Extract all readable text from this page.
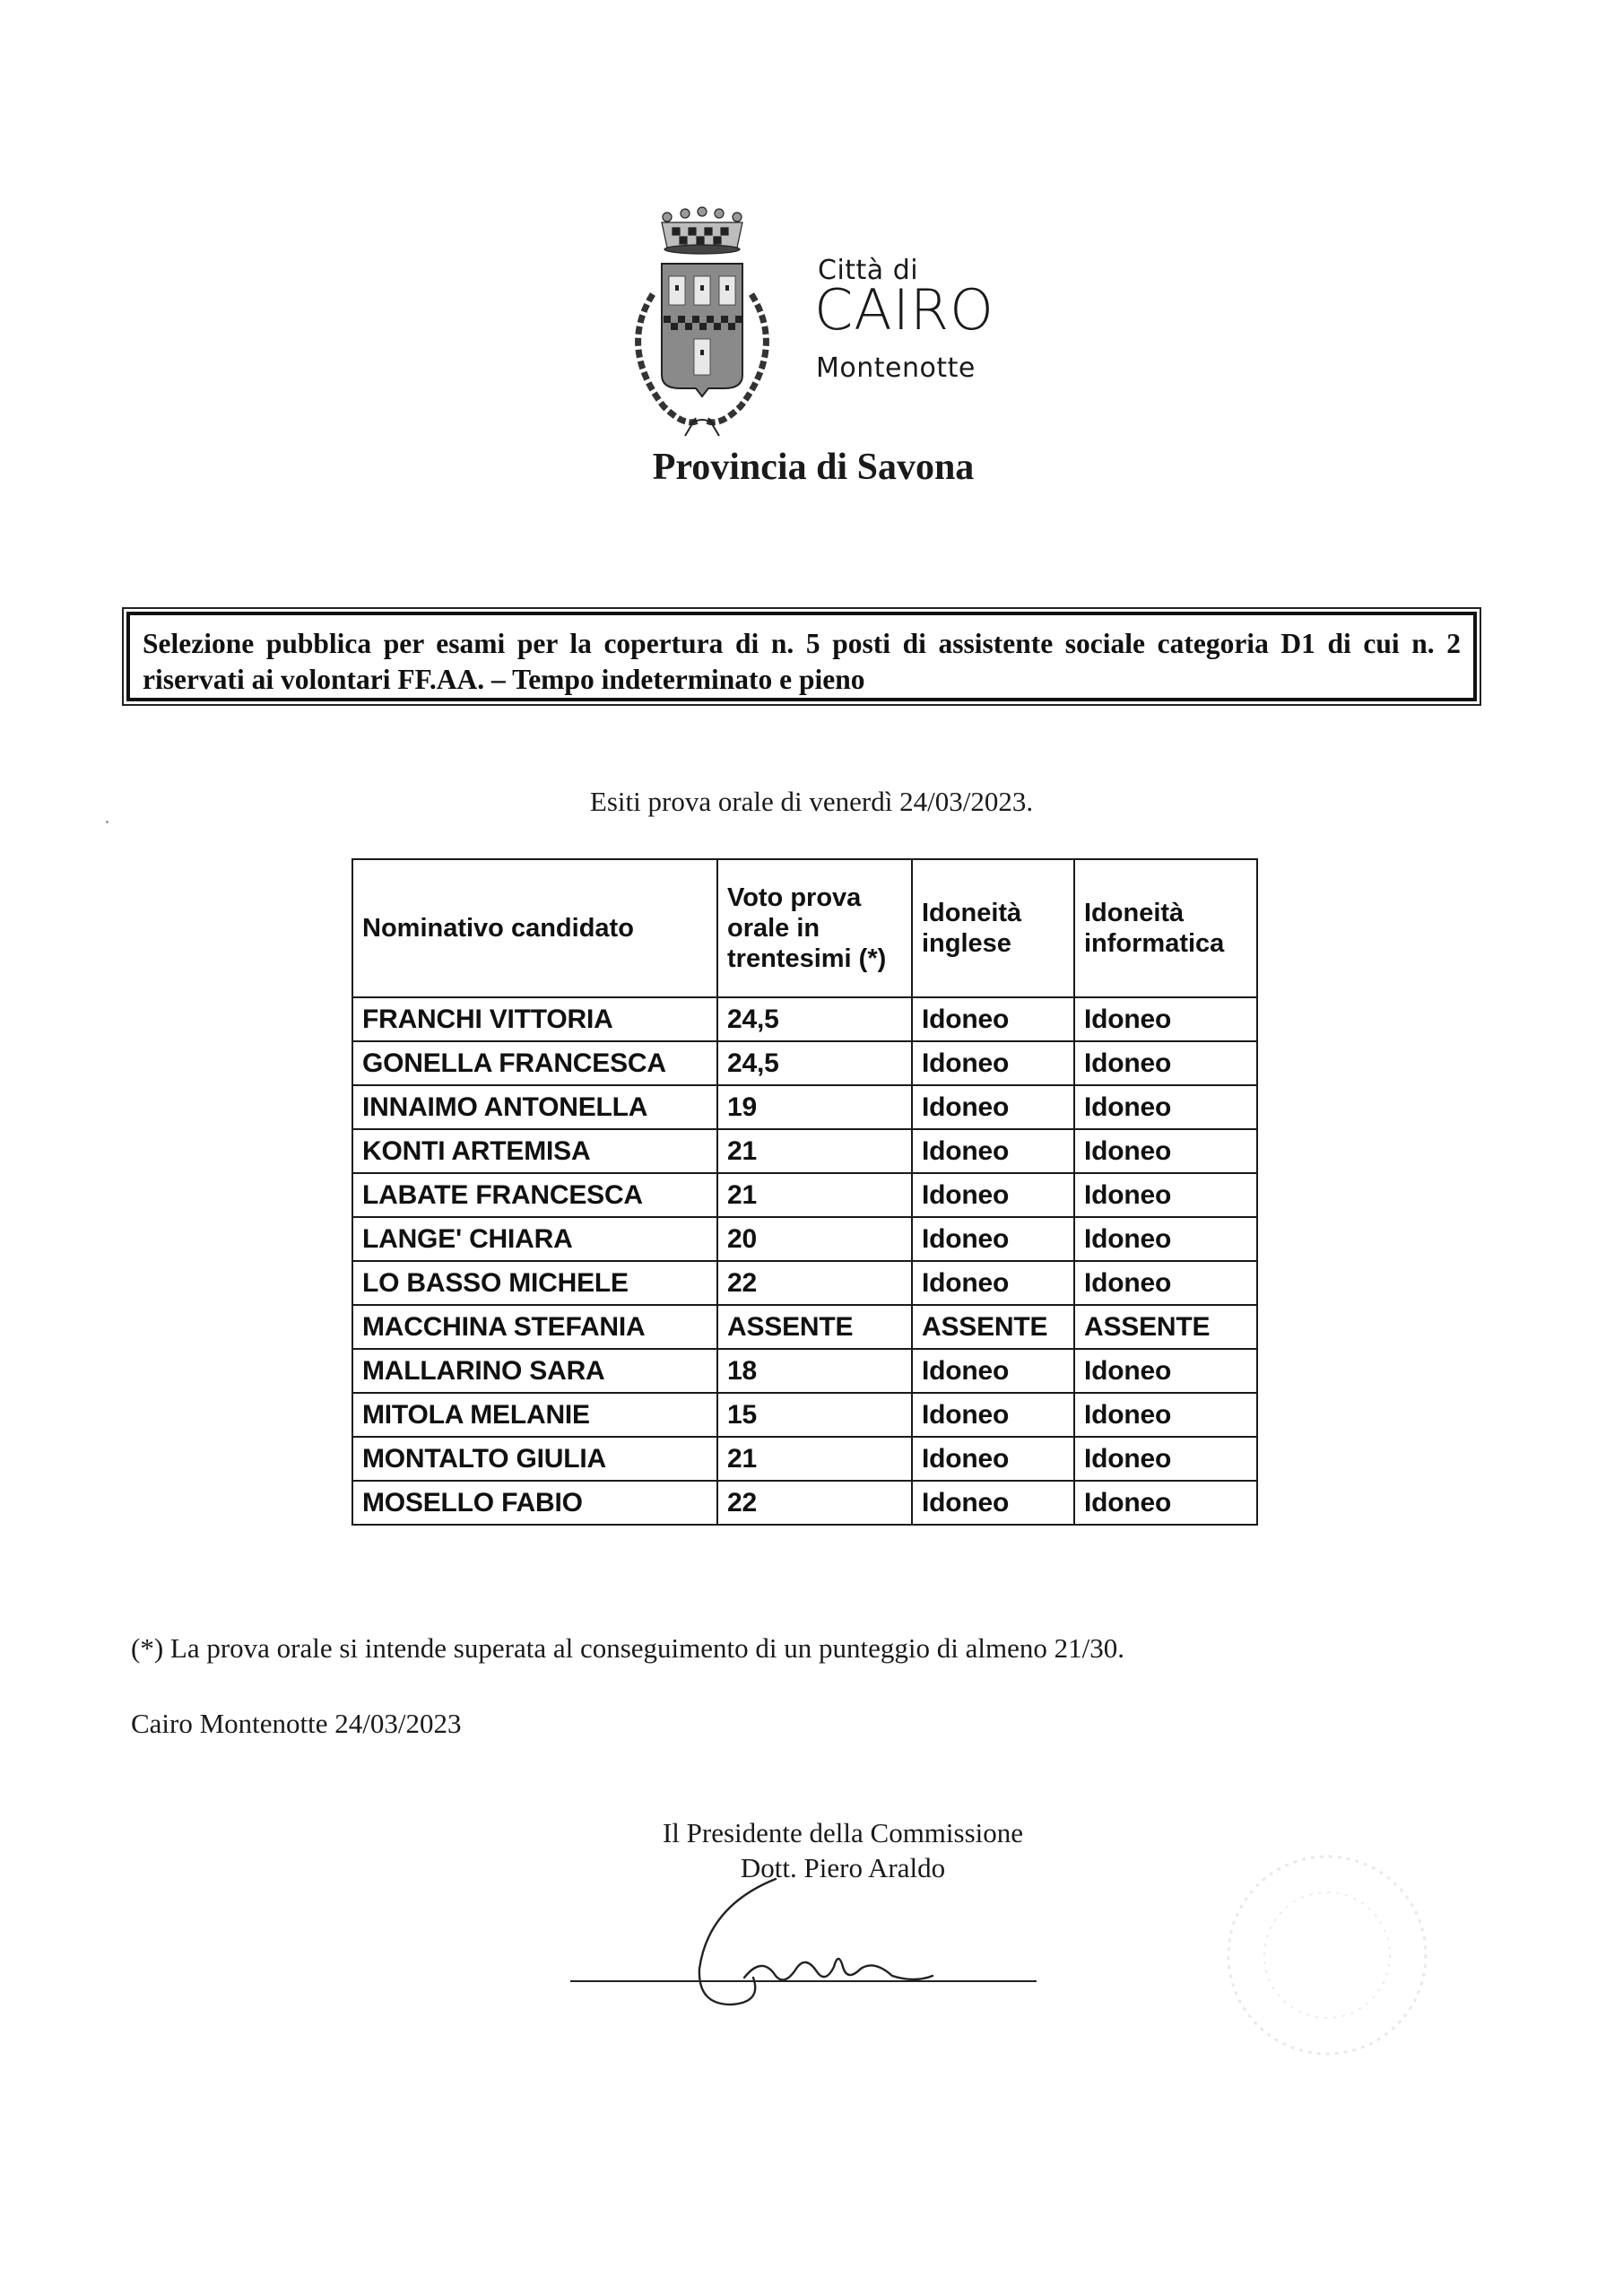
Città di
CAIRO
Montenotte
Provincia di Savona
Selezione pubblica per esami per la copertura di n. 5 posti di assistente sociale categoria D1 di cui n. 2 riservati ai volontari FF.AA. – Tempo indeterminato e pieno
Esiti prova orale di venerdì 24/03/2023.
Nominativo candidato	Voto prova orale in trentesimi (*)	Idoneità inglese	Idoneità informatica
FRANCHI VITTORIA	24,5	Idoneo	Idoneo
GONELLA FRANCESCA	24,5	Idoneo	Idoneo
INNAIMO ANTONELLA	19	Idoneo	Idoneo
KONTI ARTEMISA	21	Idoneo	Idoneo
LABATE FRANCESCA	21	Idoneo	Idoneo
LANGE' CHIARA	20	Idoneo	Idoneo
LO BASSO MICHELE	22	Idoneo	Idoneo
MACCHINA STEFANIA	ASSENTE	ASSENTE	ASSENTE
MALLARINO SARA	18	Idoneo	Idoneo
MITOLA MELANIE	15	Idoneo	Idoneo
MONTALTO GIULIA	21	Idoneo	Idoneo
MOSELLO FABIO	22	Idoneo	Idoneo
(*) La prova orale si intende superata al conseguimento di un punteggio di almeno 21/30.
Cairo Montenotte 24/03/2023
Il Presidente della Commissione
Dott. Piero Araldo
